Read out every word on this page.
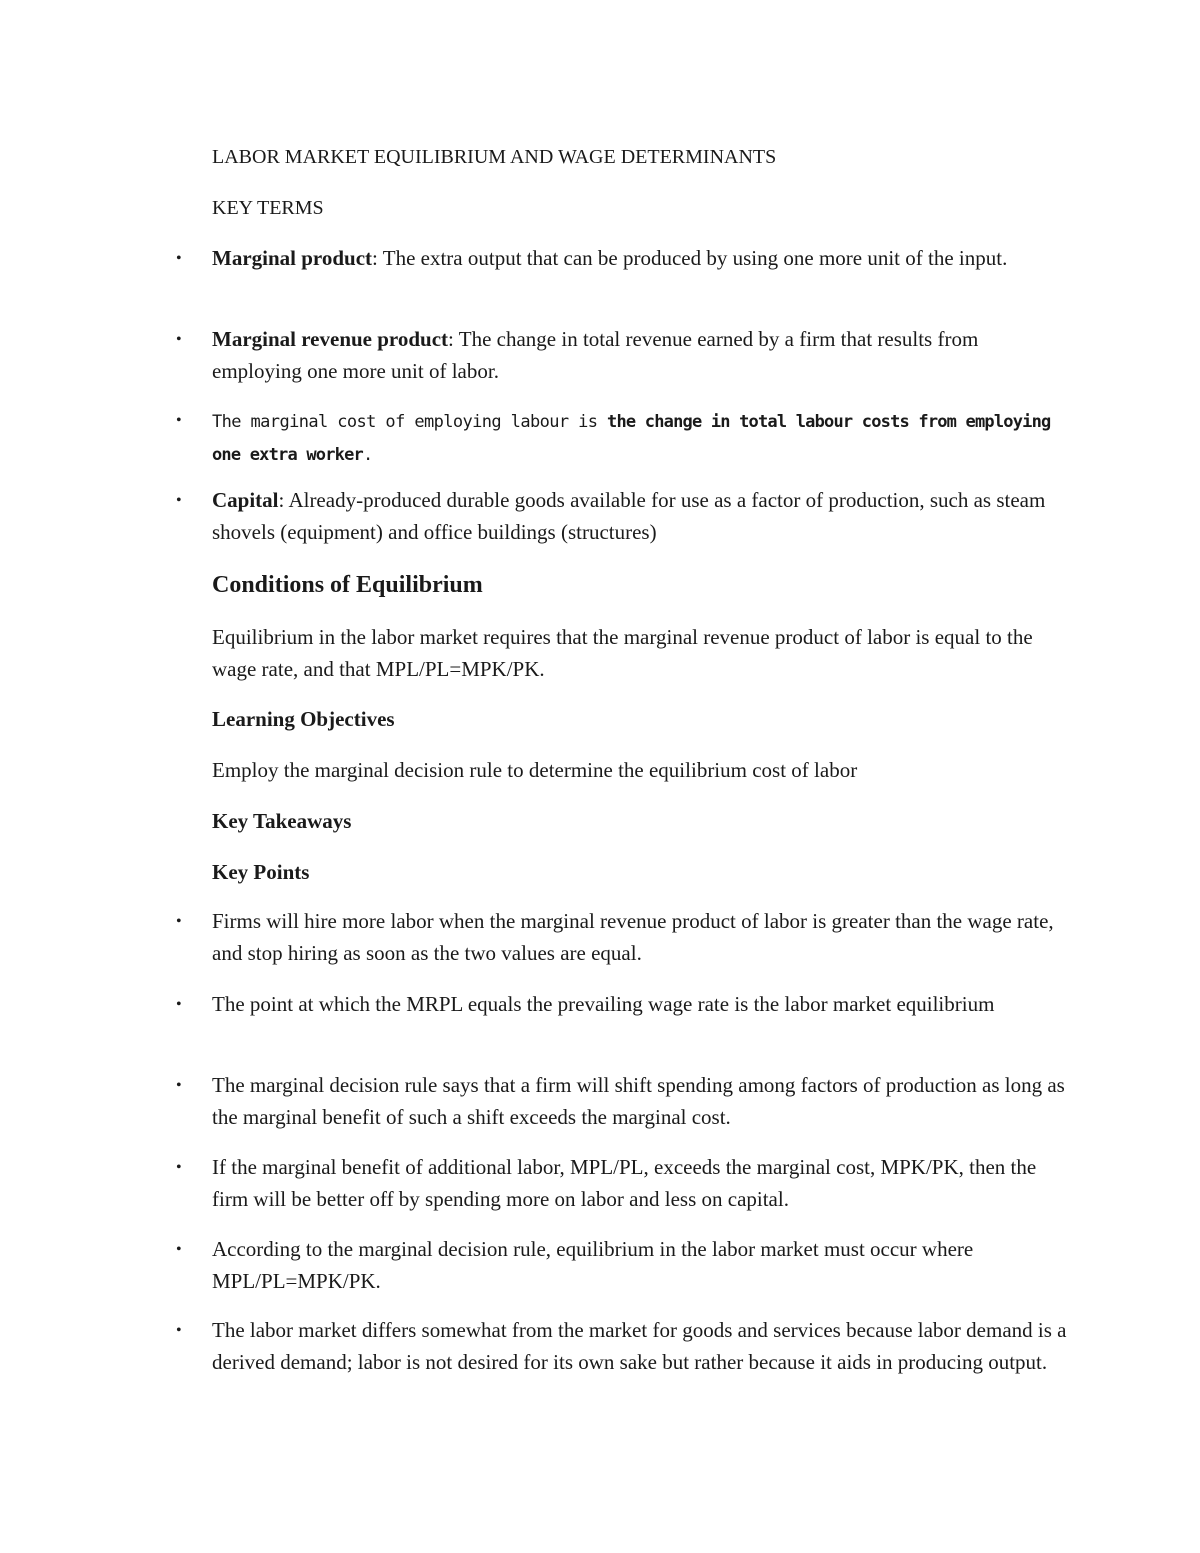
LABOR MARKET EQUILIBRIUM AND WAGE DETERMINANTS
KEY TERMS
• Marginal product: The extra output that can be produced by using one more unit of the input.

• Marginal revenue product: The change in total revenue earned by a firm that results from employing one more unit of labor.

• The marginal cost of employing labour is the change in total labour costs from employing one extra worker.

• Capital: Already-produced durable goods available for use as a factor of production, such as steam shovels (equipment) and office buildings (structures)

Conditions of Equilibrium

Equilibrium in the labor market requires that the marginal revenue product of labor is equal to the wage rate, and that MPL/PL=MPK/PK.

Learning Objectives

Employ the marginal decision rule to determine the equilibrium cost of labor

Key Takeaways
Key Points
• Firms will hire more labor when the marginal revenue product of labor is greater than the wage rate, and stop hiring as soon as the two values are equal.

• The point at which the MRPL equals the prevailing wage rate is the labor market equilibrium

• The marginal decision rule says that a firm will shift spending among factors of production as long as the marginal benefit of such a shift exceeds the marginal cost.

• If the marginal benefit of additional labor, MPL/PL, exceeds the marginal cost, MPK/PK, then the firm will be better off by spending more on labor and less on capital.

• According to the marginal decision rule, equilibrium in the labor market must occur where MPL/PL=MPK/PK.

• The labor market differs somewhat from the market for goods and services because labor demand is a derived demand; labor is not desired for its own sake but rather because it aids in producing output.
